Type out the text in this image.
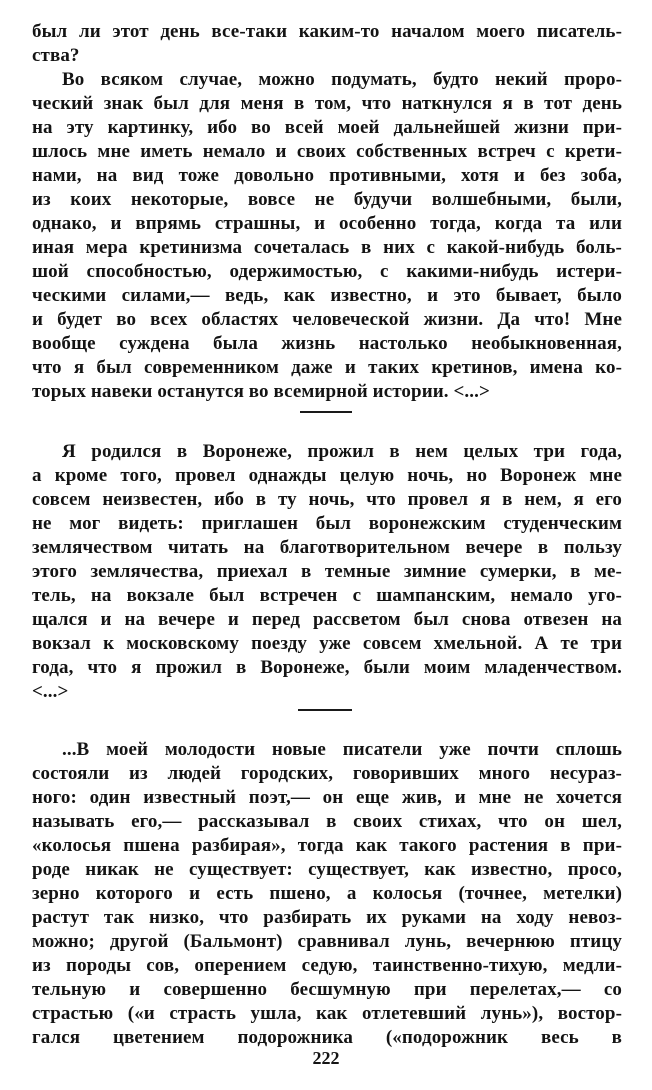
был ли этот день все-таки каким-то началом моего писатель-
ства?
Во всяком случае, можно подумать, будто некий проро-
ческий знак был для меня в том, что наткнулся я в тот день
на эту картинку, ибо во всей моей дальнейшей жизни при-
шлось мне иметь немало и своих собственных встреч с крети-
нами, на вид тоже довольно противными, хотя и без зоба,
из коих некоторые, вовсе не будучи волшебными, были,
однако, и впрямь страшны, и особенно тогда, когда та или
иная мера кретинизма сочеталась в них с какой-нибудь боль-
шой способностью, одержимостью, с какими-нибудь истери-
ческими силами,— ведь, как известно, и это бывает, было
и будет во всех областях человеческой жизни. Да что! Мне
вообще суждена была жизнь настолько необыкновенная,
что я был современником даже и таких кретинов, имена ко-
торых навеки останутся во всемирной истории. <...>
Я родился в Воронеже, прожил в нем целых три года,
а кроме того, провел однажды целую ночь, но Воронеж мне
совсем неизвестен, ибо в ту ночь, что провел я в нем, я его
не мог видеть: приглашен был воронежским студенческим
землячеством читать на благотворительном вечере в пользу
этого землячества, приехал в темные зимние сумерки, в ме-
тель, на вокзале был встречен с шампанским, немало уго-
щался и на вечере и перед рассветом был снова отвезен на
вокзал к московскому поезду уже совсем хмельной. А те три
года, что я прожил в Воронеже, были моим младенчеством.
<...>
...В моей молодости новые писатели уже почти сплошь
состояли из людей городских, говоривших много несураз-
ного: один известный поэт,— он еще жив, и мне не хочется
называть его,— рассказывал в своих стихах, что он шел,
«колосья пшена разбирая», тогда как такого растения в при-
роде никак не существует: существует, как известно, просо,
зерно которого и есть пшено, а колосья (точнее, метелки)
растут так низко, что разбирать их руками на ходу невоз-
можно; другой (Бальмонт) сравнивал лунь, вечернюю птицу
из породы сов, оперением седую, таинственно-тихую, медли-
тельную и совершенно бесшумную при перелетах,— со
страстью («и страсть ушла, как отлетевший лунь»), востор-
гался цветением подорожника («подорожник весь в
222
